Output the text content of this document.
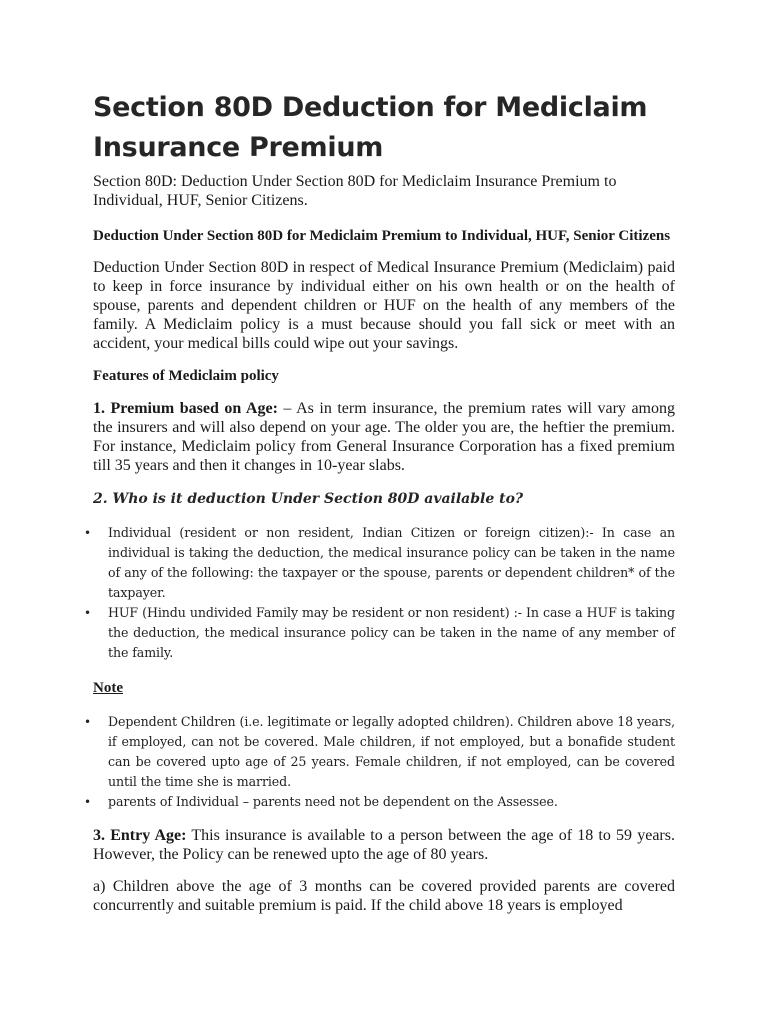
Section 80D Deduction for Mediclaim Insurance Premium

Section 80D: Deduction Under Section 80D for Mediclaim Insurance Premium to Individual, HUF, Senior Citizens.

Deduction Under Section 80D for Mediclaim Premium to Individual, HUF, Senior Citizens

Deduction Under Section 80D in respect of Medical Insurance Premium (Mediclaim) paid to keep in force insurance by individual either on his own health or on the health of spouse, parents and dependent children or HUF on the health of any members of the family. A Mediclaim policy is a must because should you fall sick or meet with an accident, your medical bills could wipe out your savings.

Features of Mediclaim policy

1. Premium based on Age: – As in term insurance, the premium rates will vary among the insurers and will also depend on your age. The older you are, the heftier the premium. For instance, Mediclaim policy from General Insurance Corporation has a fixed premium till 35 years and then it changes in 10-year slabs.

2. Who is it deduction Under Section 80D available to?

• Individual (resident or non resident, Indian Citizen or foreign citizen):- In case an individual is taking the deduction, the medical insurance policy can be taken in the name of any of the following: the taxpayer or the spouse, parents or dependent children* of the taxpayer.
• HUF (Hindu undivided Family may be resident or non resident) :- In case a HUF is taking the deduction, the medical insurance policy can be taken in the name of any member of the family.

Note

• Dependent Children (i.e. legitimate or legally adopted children). Children above 18 years, if employed, can not be covered. Male children, if not employed, but a bonafide student can be covered upto age of 25 years. Female children, if not employed, can be covered until the time she is married.
• parents of Individual – parents need not be dependent on the Assessee.

3. Entry Age: This insurance is available to a person between the age of 18 to 59 years. However, the Policy can be renewed upto the age of 80 years.

a) Children above the age of 3 months can be covered provided parents are covered concurrently and suitable premium is paid. If the child above 18 years is employed
